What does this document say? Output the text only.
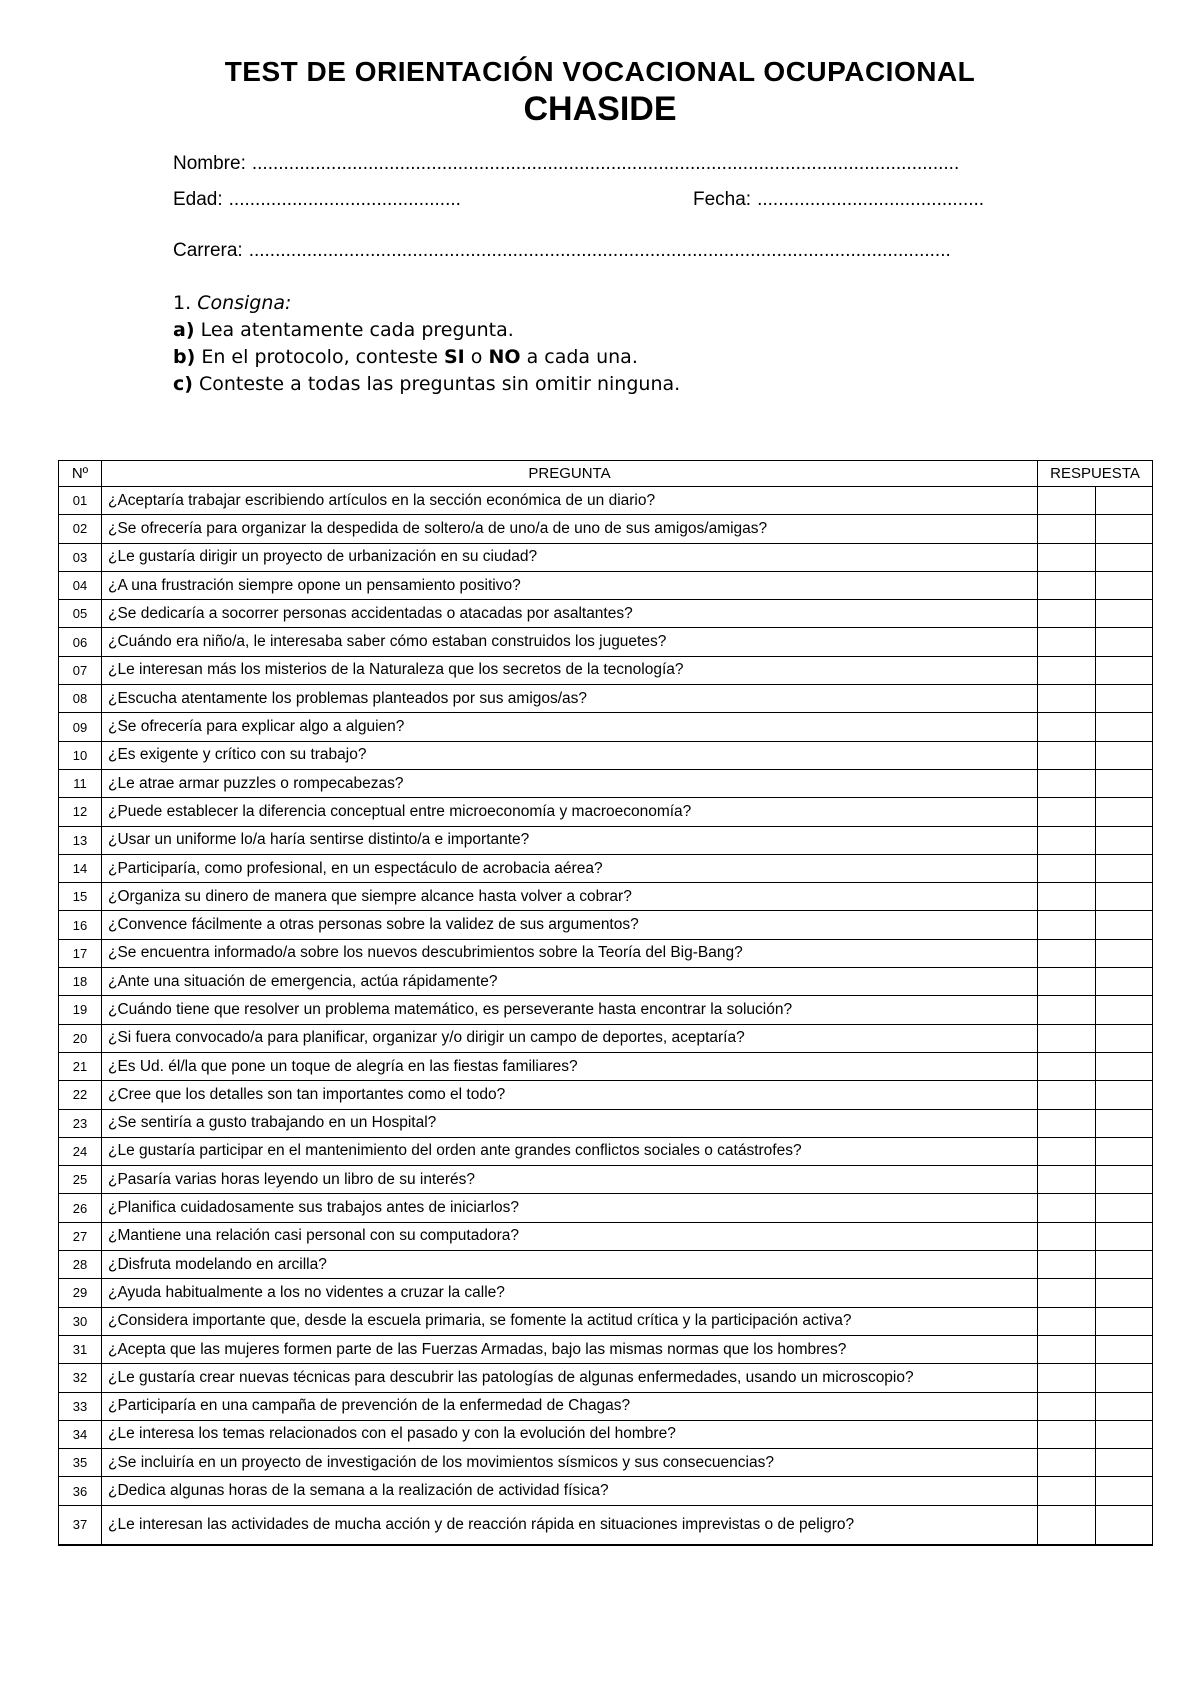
TEST DE ORIENTACIÓN VOCACIONAL OCUPACIONAL
CHASIDE
Nombre: ......................................................................................................................................
Edad: ............................................	Fecha: ...........................................
Carrera: .....................................................................................................................................
1. Consigna:
a) Lea atentamente cada pregunta.
b) En el protocolo, conteste SI o NO a cada una.
c) Conteste a todas las preguntas sin omitir ninguna.
Nº	PREGUNTA	RESPUESTA	
01	¿Aceptaría trabajar escribiendo artículos en la sección económica de un diario?		
02	¿Se ofrecería para organizar la despedida de soltero/a de uno/a de uno de sus amigos/amigas?		
03	¿Le gustaría dirigir un proyecto de urbanización en su ciudad?		
04	¿A una frustración siempre opone un pensamiento positivo?		
05	¿Se dedicaría a socorrer personas accidentadas o atacadas por asaltantes?		
06	¿Cuándo era niño/a, le interesaba saber cómo estaban construidos los juguetes?		
07	¿Le interesan más los misterios de la Naturaleza que los secretos de la tecnología?		
08	¿Escucha atentamente los problemas planteados por sus amigos/as?		
09	¿Se ofrecería para explicar algo a alguien?		
10	¿Es exigente y crítico con su trabajo?		
11	¿Le atrae armar puzzles o rompecabezas?		
12	¿Puede establecer la diferencia conceptual entre microeconomía y macroeconomía?		
13	¿Usar un uniforme lo/a haría sentirse distinto/a e importante?		
14	¿Participaría, como profesional, en un espectáculo de acrobacia aérea?		
15	¿Organiza su dinero de manera que siempre alcance hasta volver a cobrar?		
16	¿Convence fácilmente a otras personas sobre la validez de sus argumentos?		
17	¿Se encuentra informado/a sobre los nuevos descubrimientos sobre la Teoría del Big-Bang?		
18	¿Ante una situación de emergencia, actúa rápidamente?		
19	¿Cuándo tiene que resolver un problema matemático, es perseverante hasta encontrar la solución?		
20	¿Si fuera convocado/a para planificar, organizar y/o dirigir un campo de deportes, aceptaría?		
21	¿Es Ud. él/la que pone un toque de alegría en las fiestas familiares?		
22	¿Cree que los detalles son tan importantes como el todo?		
23	¿Se sentiría a gusto trabajando en un Hospital?		
24	¿Le gustaría participar en el mantenimiento del orden ante grandes conflictos sociales o catástrofes?		
25	¿Pasaría varias horas leyendo un libro de su interés?		
26	¿Planifica cuidadosamente sus trabajos antes de iniciarlos?		
27	¿Mantiene una relación casi personal con su computadora?		
28	¿Disfruta modelando en arcilla?		
29	¿Ayuda habitualmente a los no videntes a cruzar la calle?		
30	¿Considera importante que, desde la escuela primaria, se fomente la actitud crítica y la participación activa?		
31	¿Acepta que las mujeres formen parte de las Fuerzas Armadas, bajo las mismas normas que los hombres?		
32	¿Le gustaría crear nuevas técnicas para descubrir las patologías de algunas enfermedades, usando un microscopio?		
33	¿Participaría en una campaña de prevención de la enfermedad de Chagas?		
34	¿Le interesa los temas relacionados con el pasado y con la evolución del hombre?		
35	¿Se incluiría en un proyecto de investigación de los movimientos sísmicos y sus consecuencias?		
36	¿Dedica algunas horas de la semana a la realización de actividad física?		
37	¿Le interesan las actividades de mucha acción y de reacción rápida en situaciones imprevistas o de peligro?		
